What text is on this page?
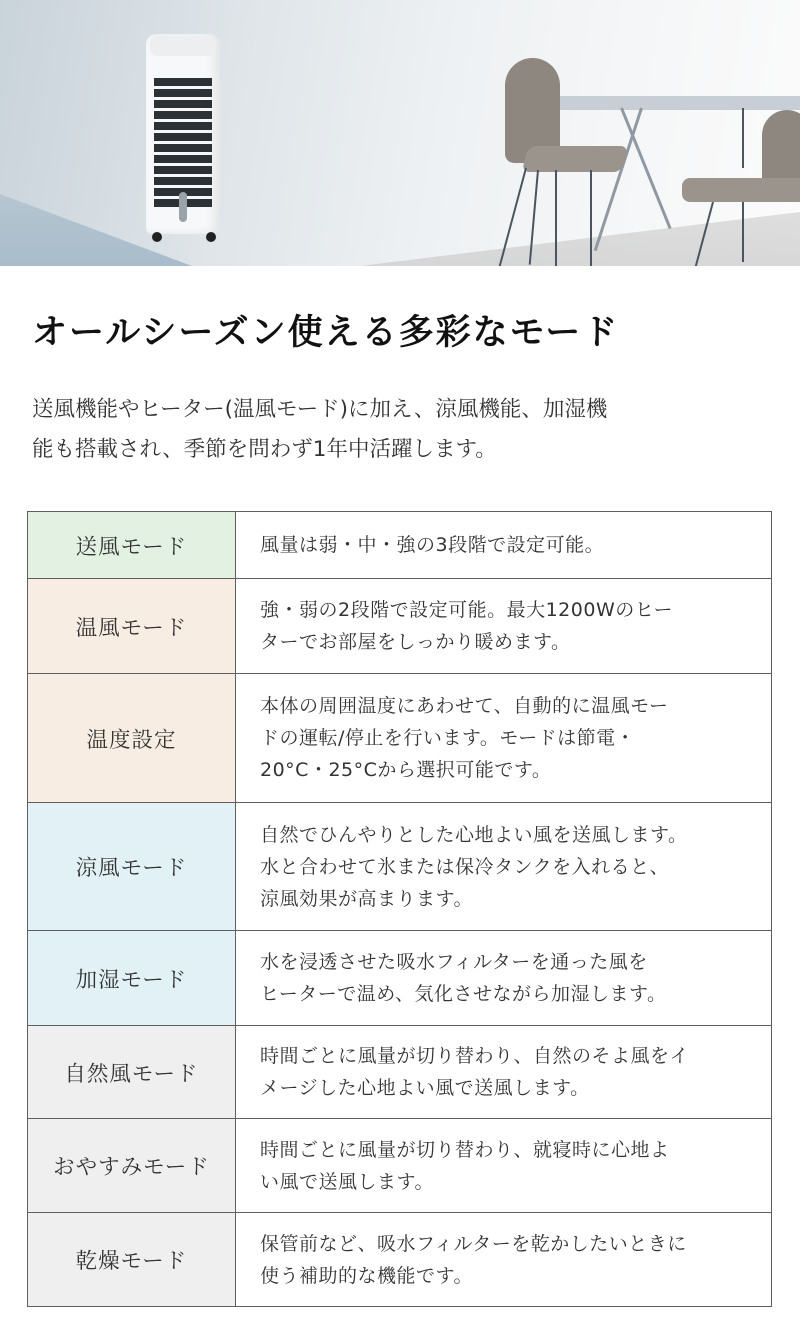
オールシーズン使える多彩なモード
送風機能やヒーター(温風モード)に加え、涼風機能、加湿機
能も搭載され、季節を問わず1年中活躍します。
送風モード	風量は弱・中・強の3段階で設定可能。

温風モード	強・弱の2段階で設定可能。最大1200Wのヒー
ターでお部屋をしっかり暖めます。

温度設定	本体の周囲温度にあわせて、自動的に温風モー
ドの運転/停止を行います。モードは節電・
20°C・25°Cから選択可能です。

涼風モード	自然でひんやりとした心地よい風を送風します。
水と合わせて氷または保冷タンクを入れると、
涼風効果が高まります。

加湿モード	水を浸透させた吸水フィルターを通った風を
ヒーターで温め、気化させながら加湿します。

自然風モード	時間ごとに風量が切り替わり、自然のそよ風をイ
メージした心地よい風で送風します。

おやすみモード	時間ごとに風量が切り替わり、就寝時に心地よ
い風で送風します。

乾燥モード	保管前など、吸水フィルターを乾かしたいときに
使う補助的な機能です。
